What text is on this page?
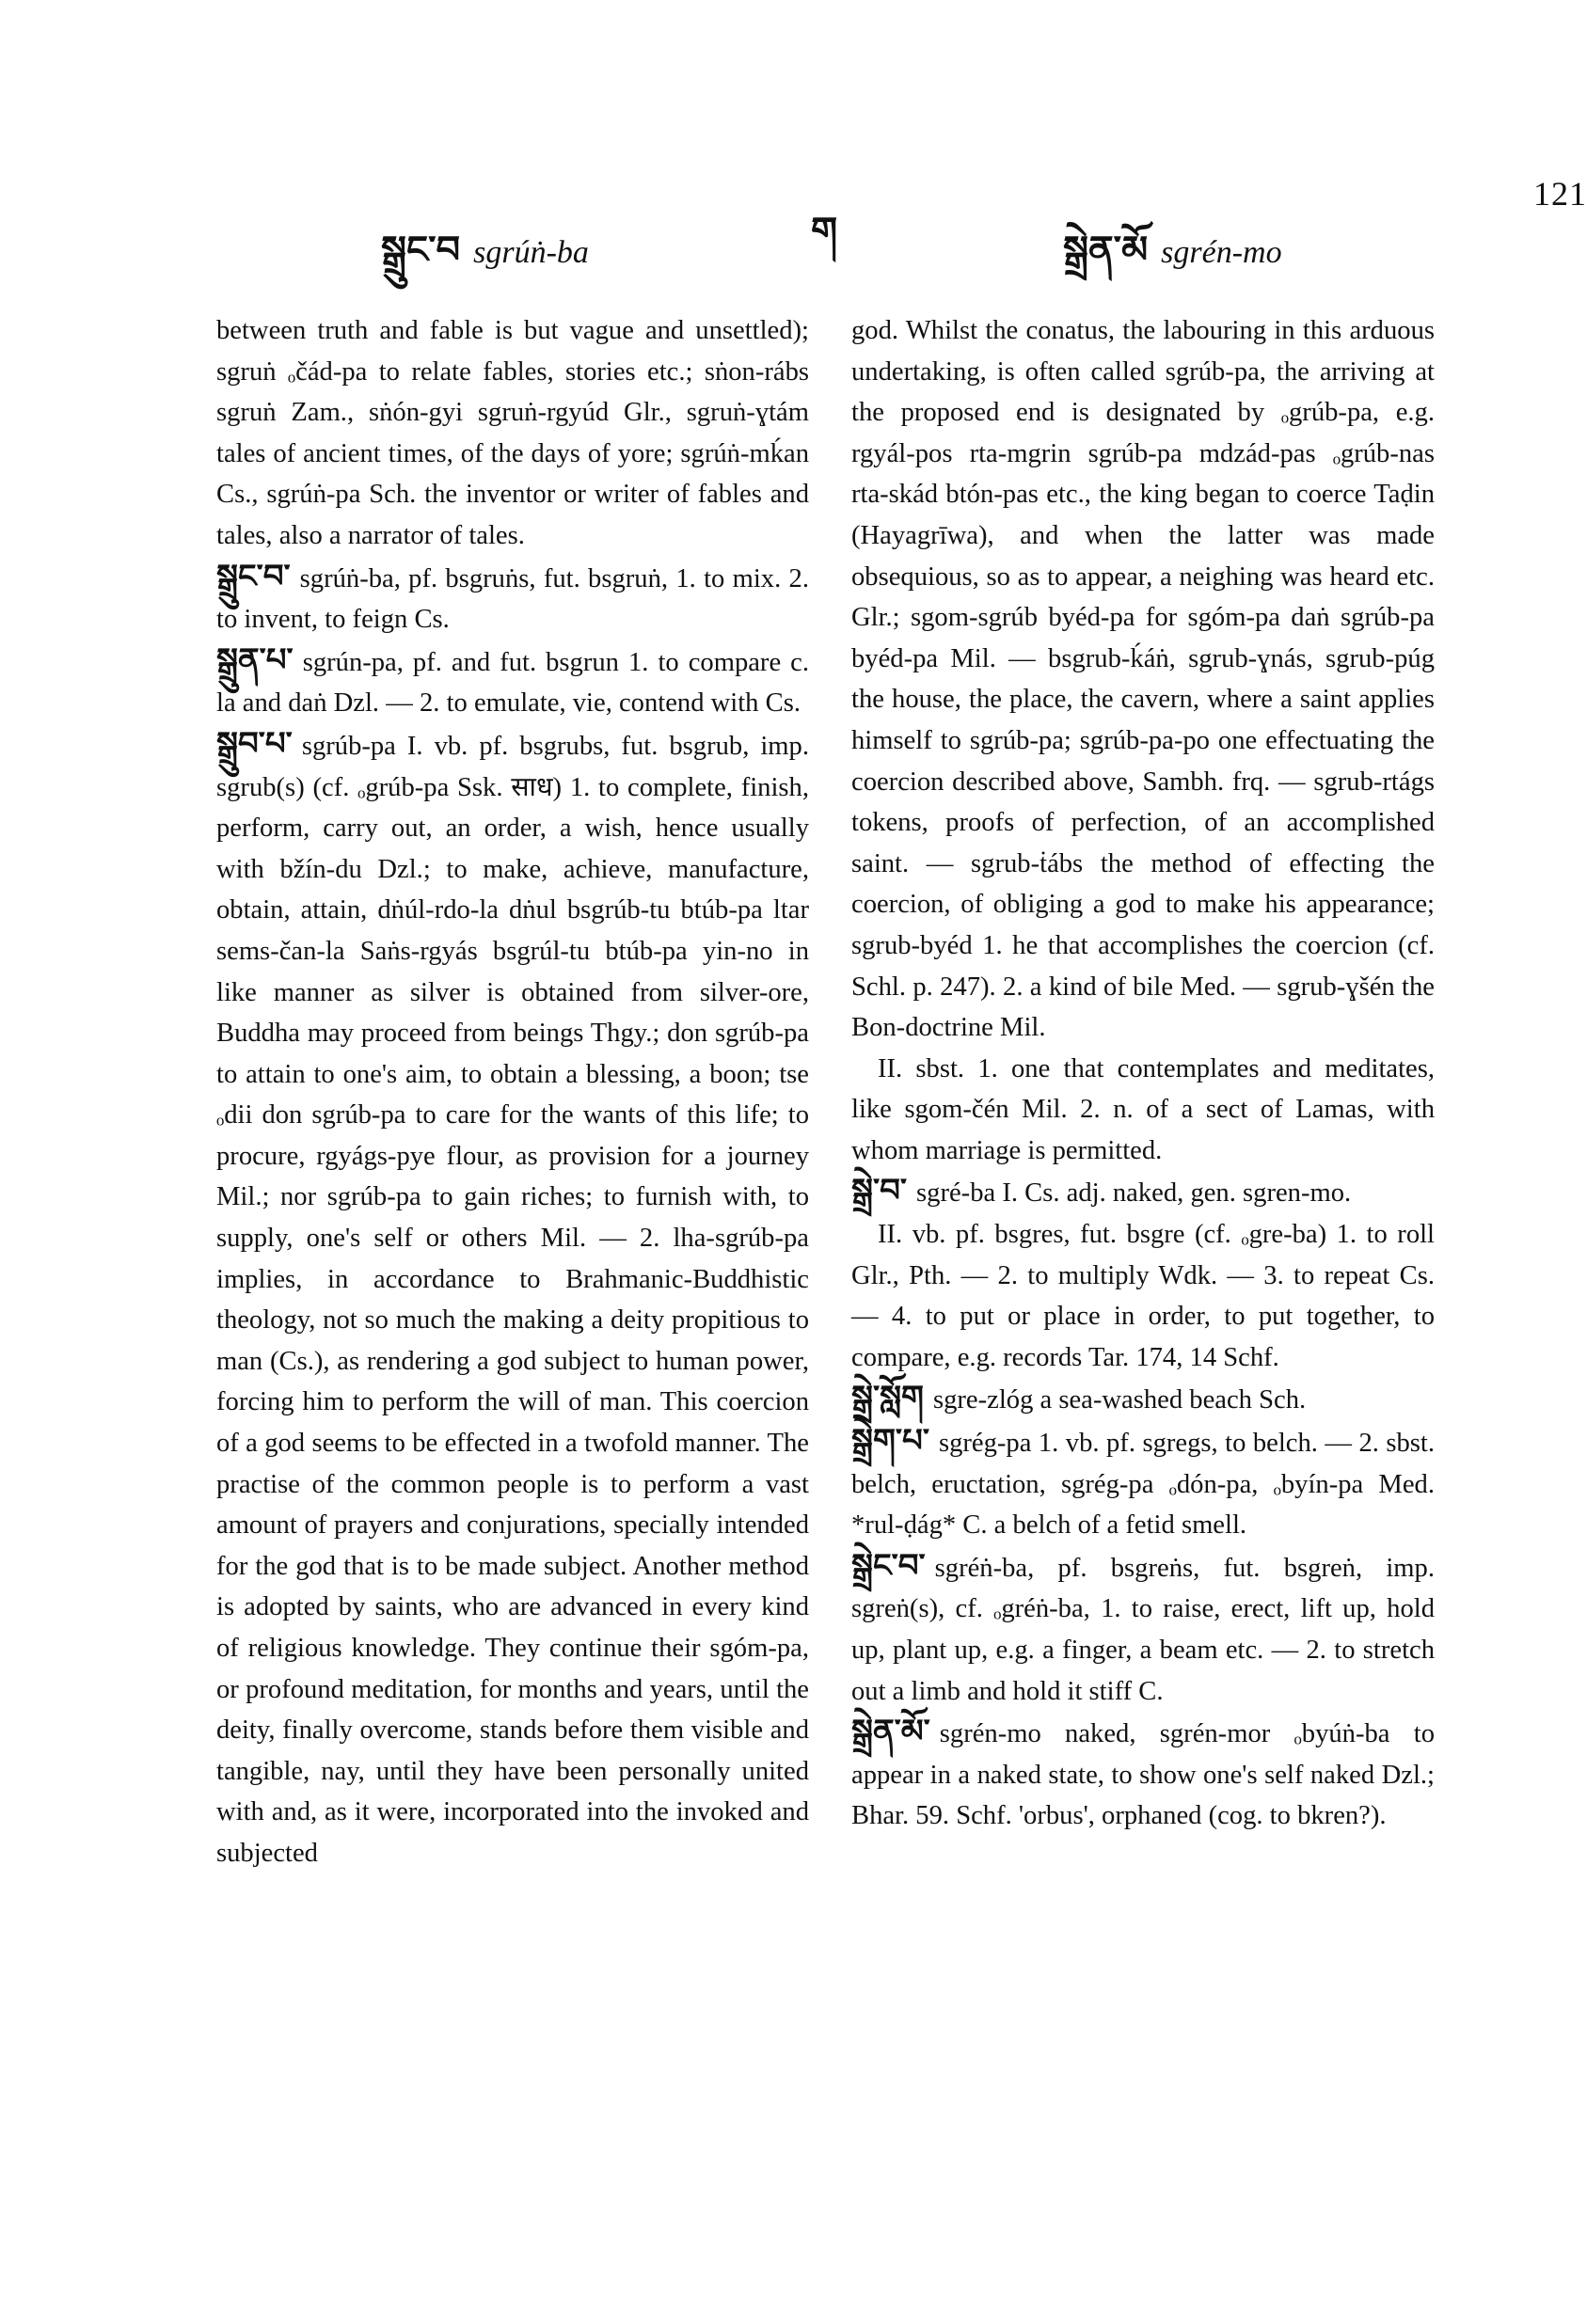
121
སྒྲུང་བ sgrúṅ-ba
ག	སྒྲེན་མོ sgrén-mo

between truth and fable is but vague and unsettled); sgruṅ ₒčád-pa to relate fables, stories etc.; sṅon-rábs sgruṅ Zam., sṅón-gyi sgruṅ-rgyúd Glr., sgruṅ-ɣtám tales of ancient times, of the days of yore; sgrúṅ-mḱan Cs., sgrúṅ-pa Sch. the inventor or writer of fables and tales, also a narrator of tales.

སྒྲུང་བ་ sgrúṅ-ba, pf. bsgruṅs, fut. bsgruṅ, 1. to mix. 2. to invent, to feign Cs.

སྒྲུན་པ་ sgrún-pa, pf. and fut. bsgrun 1. to compare c. la and daṅ Dzl. — 2. to emulate, vie, contend with Cs.

སྒྲུབ་པ་ sgrúb-pa I. vb. pf. bsgrubs, fut. bsgrub, imp. sgrub(s) (cf. ₒgrúb-pa Ssk. साध) 1. to complete, finish, perform, carry out, an order, a wish, hence usually with bžín-du Dzl.; to make, achieve, manufacture, obtain, attain, dṅúl-rdo-la dṅul bsgrúb-tu btúb-pa ltar sems-čan-la Saṅs-rgyás bsgrúl-tu btúb-pa yin-no in like manner as silver is obtained from silver-ore, Buddha may proceed from beings Thgy.; don sgrúb-pa to attain to one's aim, to obtain a blessing, a boon; tse ₒdii don sgrúb-pa to care for the wants of this life; to procure, rgyágs-pye flour, as provision for a journey Mil.; nor sgrúb-pa to gain riches; to furnish with, to supply, one's self or others Mil. — 2. lha-sgrúb-pa implies, in accordance to Brahmanic-Buddhistic theology, not so much the making a deity propitious to man (Cs.), as rendering a god subject to human power, forcing him to perform the will of man. This coercion of a god seems to be effected in a twofold manner. The practise of the common people is to perform a vast amount of prayers and conjurations, specially intended for the god that is to be made subject. Another method is adopted by saints, who are advanced in every kind of religious knowledge. They continue their sgóm-pa, or profound meditation, for months and years, until the deity, finally overcome, stands before them visible and tangible, nay, until they have been personally united with and, as it were, incorporated into the invoked and subjected

god. Whilst the conatus, the labouring in this arduous undertaking, is often called sgrúb-pa, the arriving at the proposed end is designated by ₒgrúb-pa, e.g. rgyál-pos rta-mgrin sgrúb-pa mdzád-pas ₒgrúb-nas rta-skád btón-pas etc., the king began to coerce Taḍin (Hayagrīwa), and when the latter was made obsequious, so as to appear, a neighing was heard etc. Glr.; sgom-sgrúb byéd-pa for sgóm-pa daṅ sgrúb-pa byéd-pa Mil. — bsgrub-ḱáṅ, sgrub-ɣnás, sgrub-púg the house, the place, the cavern, where a saint applies himself to sgrúb-pa; sgrúb-pa-po one effectuating the coercion described above, Sambh. frq. — sgrub-rtágs tokens, proofs of perfection, of an accomplished saint. — sgrub-ṫábs the method of effecting the coercion, of obliging a god to make his appearance; sgrub-byéd 1. he that accomplishes the coercion (cf. Schl. p. 247). 2. a kind of bile Med. — sgrub-ɣšén the Bon-doctrine Mil.

II. sbst. 1. one that contemplates and meditates, like sgom-čén Mil. 2. n. of a sect of Lamas, with whom marriage is permitted.

སྒྲེ་བ་ sgré-ba I. Cs. adj. naked, gen. sgren-mo.

II. vb. pf. bsgres, fut. bsgre (cf. ₒgre-ba) 1. to roll Glr., Pth. — 2. to multiply Wdk. — 3. to repeat Cs. — 4. to put or place in order, to put together, to compare, e.g. records Tar. 174, 14 Schf.

སྒྲེ་སློག sgre-zlóg a sea-washed beach Sch.

སྒྲེག་པ་ sgrég-pa 1. vb. pf. sgregs, to belch. — 2. sbst. belch, eructation, sgrég-pa ₒdón-pa, ₒbyín-pa Med. *rul-ḍág* C. a belch of a fetid smell.

སྒྲེང་བ་ sgréṅ-ba, pf. bsgreṅs, fut. bsgreṅ, imp. sgreṅ(s), cf. ₒgréṅ-ba, 1. to raise, erect, lift up, hold up, plant up, e.g. a finger, a beam etc. — 2. to stretch out a limb and hold it stiff C.

སྒྲེན་མོ་ sgrén-mo naked, sgrén-mor ₒbyúṅ-ba to appear in a naked state, to show one's self naked Dzl.; Bhar. 59. Schf. 'orbus', orphaned (cog. to bkren?).
